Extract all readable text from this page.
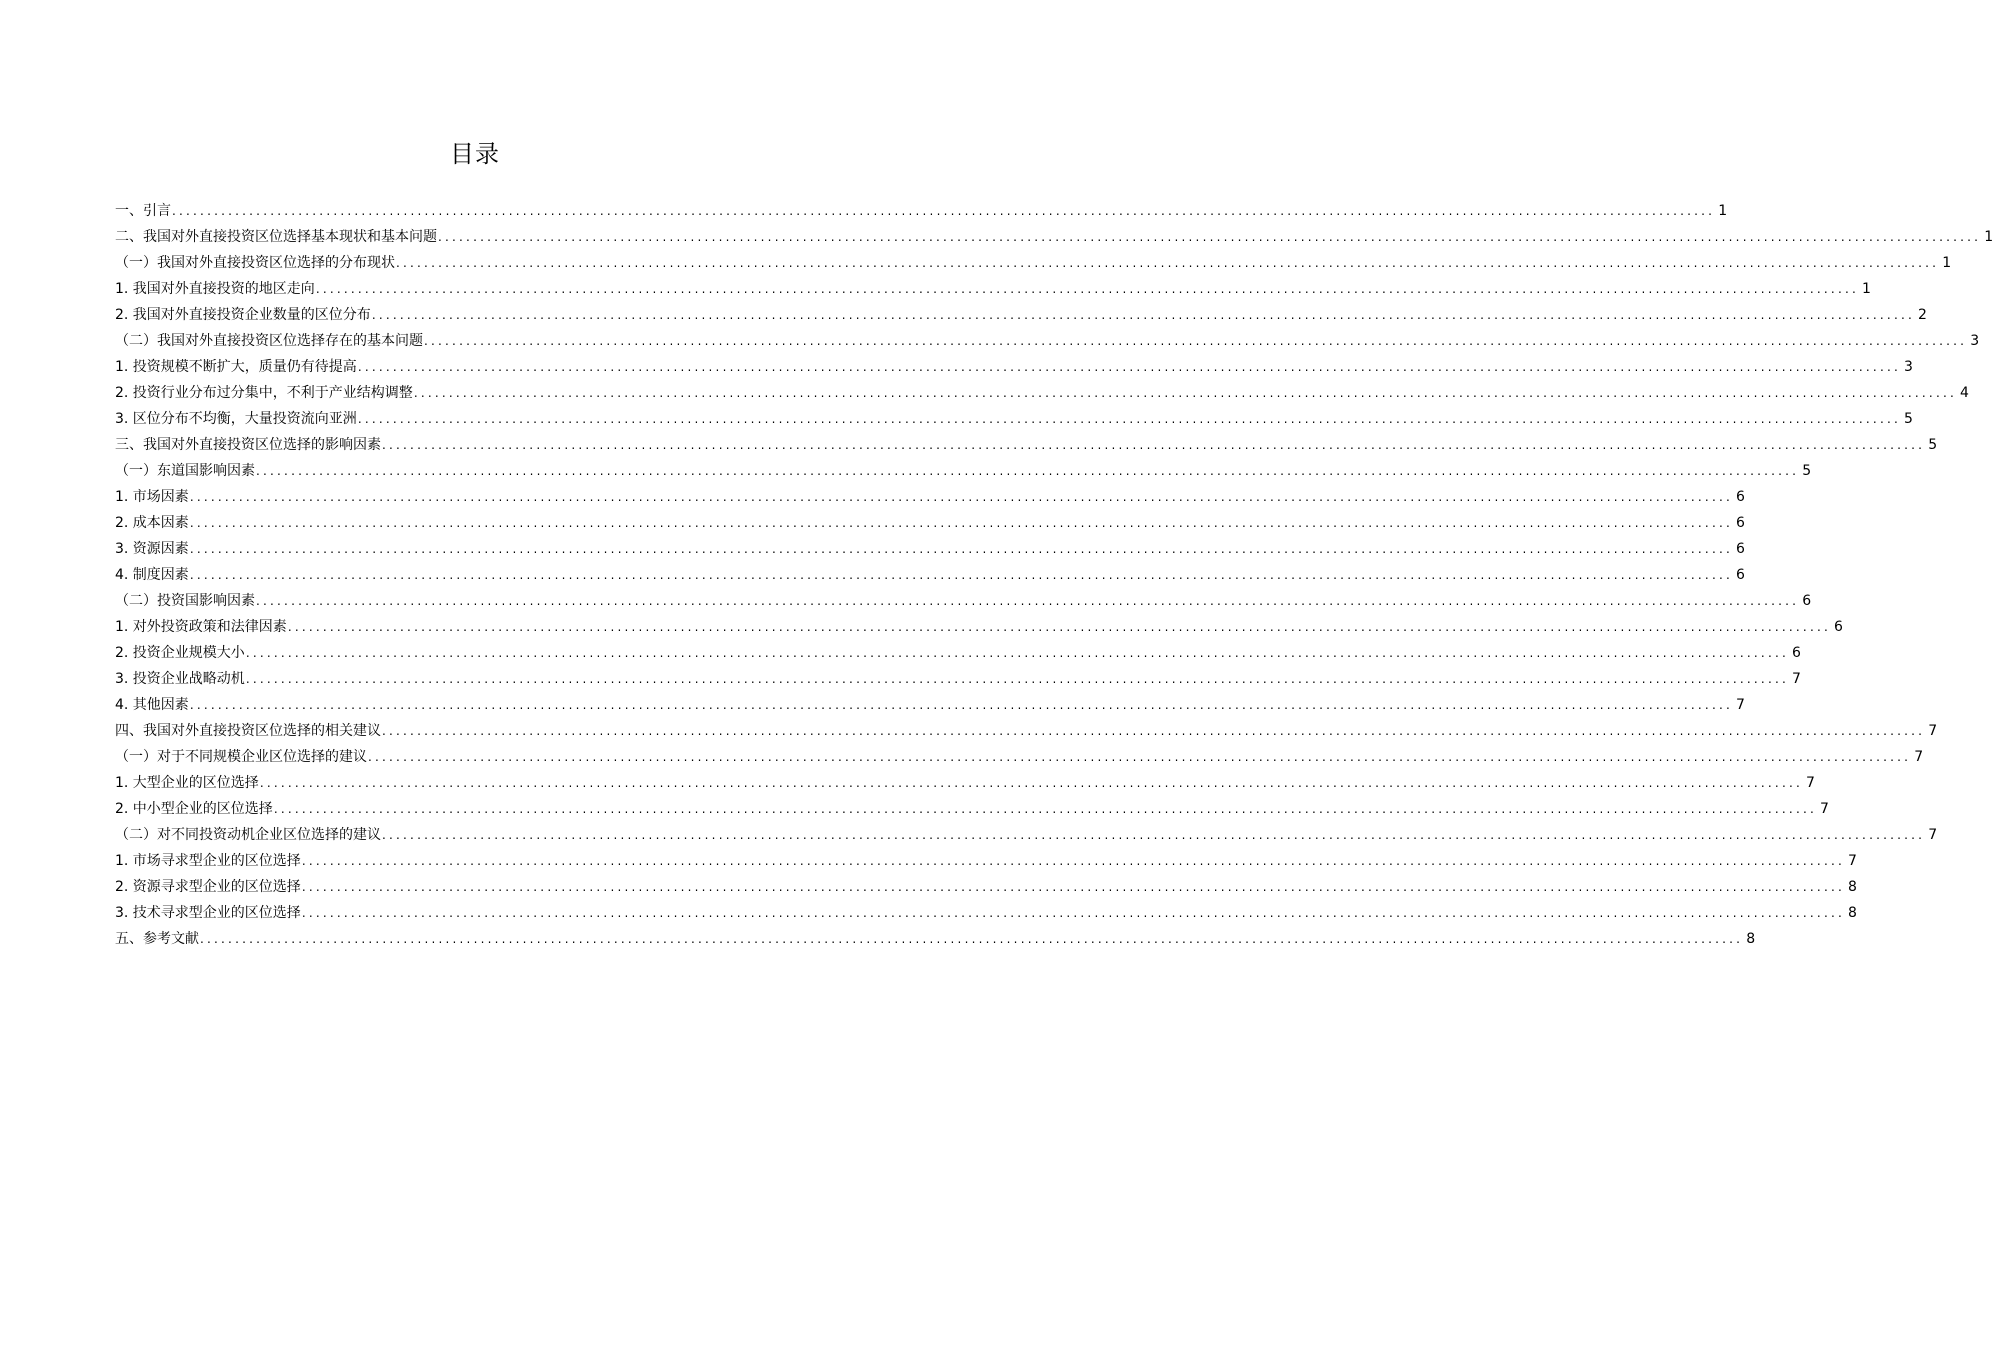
目录
一、引言 ............................................................................................................................................................................................................................ 1
二、我国对外直接投资区位选择基本现状和基本问题 ............................................................................................................................................................................................................................ 1
（一）我国对外直接投资区位选择的分布现状 ............................................................................................................................................................................................................................ 1
1. 我国对外直接投资的地区走向 ............................................................................................................................................................................................................................ 1
2. 我国对外直接投资企业数量的区位分布 ............................................................................................................................................................................................................................ 2
（二）我国对外直接投资区位选择存在的基本问题 ............................................................................................................................................................................................................................ 3
1. 投资规模不断扩大，质量仍有待提高 ............................................................................................................................................................................................................................ 3
2. 投资行业分布过分集中，不利于产业结构调整 ............................................................................................................................................................................................................................ 4
3. 区位分布不均衡，大量投资流向亚洲 ............................................................................................................................................................................................................................ 5
三、我国对外直接投资区位选择的影响因素 ............................................................................................................................................................................................................................ 5
（一）东道国影响因素 ............................................................................................................................................................................................................................ 5
1. 市场因素 ............................................................................................................................................................................................................................ 6
2. 成本因素 ............................................................................................................................................................................................................................ 6
3. 资源因素 ............................................................................................................................................................................................................................ 6
4. 制度因素 ............................................................................................................................................................................................................................ 6
（二）投资国影响因素 ............................................................................................................................................................................................................................ 6
1. 对外投资政策和法律因素 ............................................................................................................................................................................................................................ 6
2. 投资企业规模大小 ............................................................................................................................................................................................................................ 6
3. 投资企业战略动机 ............................................................................................................................................................................................................................ 7
4. 其他因素 ............................................................................................................................................................................................................................ 7
四、我国对外直接投资区位选择的相关建议 ............................................................................................................................................................................................................................ 7
（一）对于不同规模企业区位选择的建议 ............................................................................................................................................................................................................................ 7
1. 大型企业的区位选择 ............................................................................................................................................................................................................................ 7
2. 中小型企业的区位选择 ............................................................................................................................................................................................................................ 7
（二）对不同投资动机企业区位选择的建议 ............................................................................................................................................................................................................................ 7
1. 市场寻求型企业的区位选择 ............................................................................................................................................................................................................................ 7
2. 资源寻求型企业的区位选择 ............................................................................................................................................................................................................................ 8
3. 技术寻求型企业的区位选择 ............................................................................................................................................................................................................................ 8
五、参考文献 ............................................................................................................................................................................................................................ 8
